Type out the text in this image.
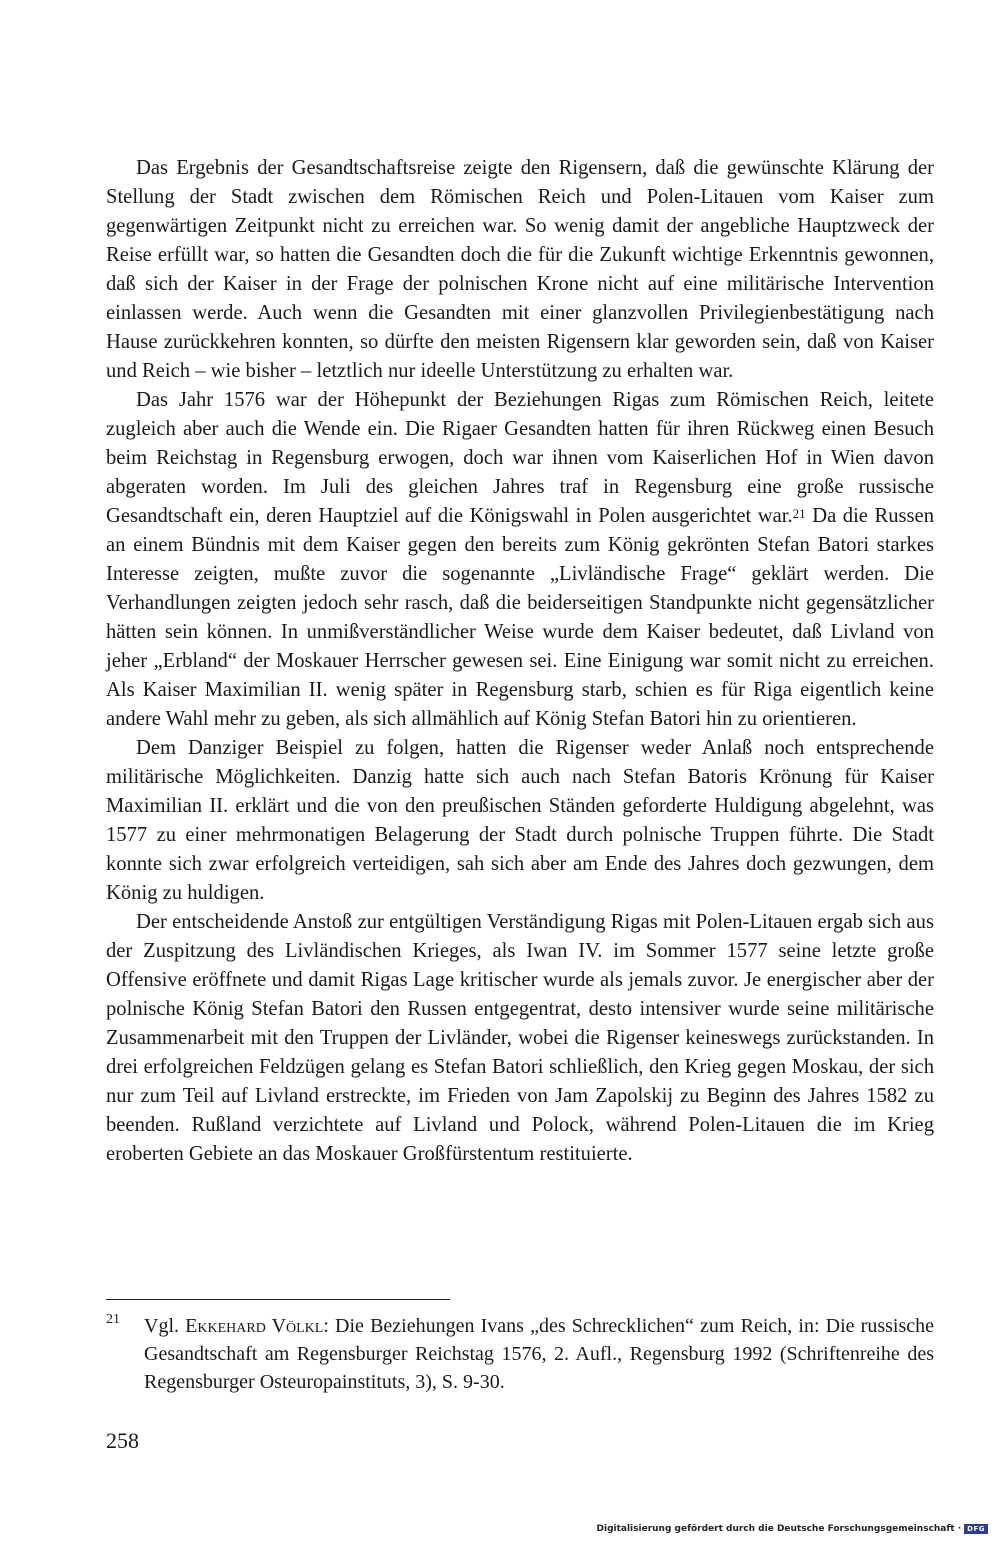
Das Ergebnis der Gesandtschaftsreise zeigte den Rigensern, daß die gewünschte Klärung der Stellung der Stadt zwischen dem Römischen Reich und Polen-Litauen vom Kaiser zum gegenwärtigen Zeitpunkt nicht zu erreichen war. So wenig damit der angebliche Hauptzweck der Reise erfüllt war, so hatten die Gesandten doch die für die Zukunft wichtige Erkenntnis gewonnen, daß sich der Kaiser in der Frage der polnischen Krone nicht auf eine militärische Intervention einlassen werde. Auch wenn die Gesandten mit einer glanzvollen Privilegienbestätigung nach Hause zurückkehren konnten, so dürfte den meisten Rigensern klar geworden sein, daß von Kaiser und Reich – wie bisher – letztlich nur ideelle Unterstützung zu erhalten war.

Das Jahr 1576 war der Höhepunkt der Beziehungen Rigas zum Römischen Reich, leitete zugleich aber auch die Wende ein. Die Rigaer Gesandten hatten für ihren Rückweg einen Besuch beim Reichstag in Regensburg erwogen, doch war ihnen vom Kaiserlichen Hof in Wien davon abgeraten worden. Im Juli des gleichen Jahres traf in Regensburg eine große russische Gesandtschaft ein, deren Hauptziel auf die Königswahl in Polen ausgerichtet war.$^{21}$ Da die Russen an einem Bündnis mit dem Kaiser gegen den bereits zum König gekrönten Stefan Batori starkes Interesse zeigten, mußte zuvor die sogenannte „Livländische Frage“ geklärt werden. Die Verhandlungen zeigten jedoch sehr rasch, daß die beiderseitigen Standpunkte nicht gegensätzlicher hätten sein können. In unmißverständlicher Weise wurde dem Kaiser bedeutet, daß Livland von jeher „Erbland“ der Moskauer Herrscher gewesen sei. Eine Einigung war somit nicht zu erreichen. Als Kaiser Maximilian II. wenig später in Regensburg starb, schien es für Riga eigentlich keine andere Wahl mehr zu geben, als sich allmählich auf König Stefan Batori hin zu orientieren.

Dem Danziger Beispiel zu folgen, hatten die Rigenser weder Anlaß noch entsprechende militärische Möglichkeiten. Danzig hatte sich auch nach Stefan Batoris Krönung für Kaiser Maximilian II. erklärt und die von den preußischen Ständen geforderte Huldigung abgelehnt, was 1577 zu einer mehrmonatigen Belagerung der Stadt durch polnische Truppen führte. Die Stadt konnte sich zwar erfolgreich verteidigen, sah sich aber am Ende des Jahres doch gezwungen, dem König zu huldigen.

Der entscheidende Anstoß zur entgültigen Verständigung Rigas mit Polen-Litauen ergab sich aus der Zuspitzung des Livländischen Krieges, als Iwan IV. im Sommer 1577 seine letzte große Offensive eröffnete und damit Rigas Lage kritischer wurde als jemals zuvor. Je energischer aber der polnische König Stefan Batori den Russen entgegentrat, desto intensiver wurde seine militärische Zusammenarbeit mit den Truppen der Livländer, wobei die Rigenser keineswegs zurückstanden. In drei erfolgreichen Feldzügen gelang es Stefan Batori schließlich, den Krieg gegen Moskau, der sich nur zum Teil auf Livland erstreckte, im Frieden von Jam Zapolskij zu Beginn des Jahres 1582 zu beenden. Rußland verzichtete auf Livland und Polock, während Polen-Litauen die im Krieg eroberten Gebiete an das Moskauer Großfürstentum restituierte.

21 Vgl. Ekkehard Völkl: Die Beziehungen Ivans „des Schrecklichen“ zum Reich, in: Die russische Gesandtschaft am Regensburger Reichstag 1576, 2. Aufl., Regensburg 1992 (Schriftenreihe des Regensburger Osteuropainstituts, 3), S. 9-30.
258
Digitalisierung gefördert durch die Deutsche Forschungsgemeinschaft · DFG
